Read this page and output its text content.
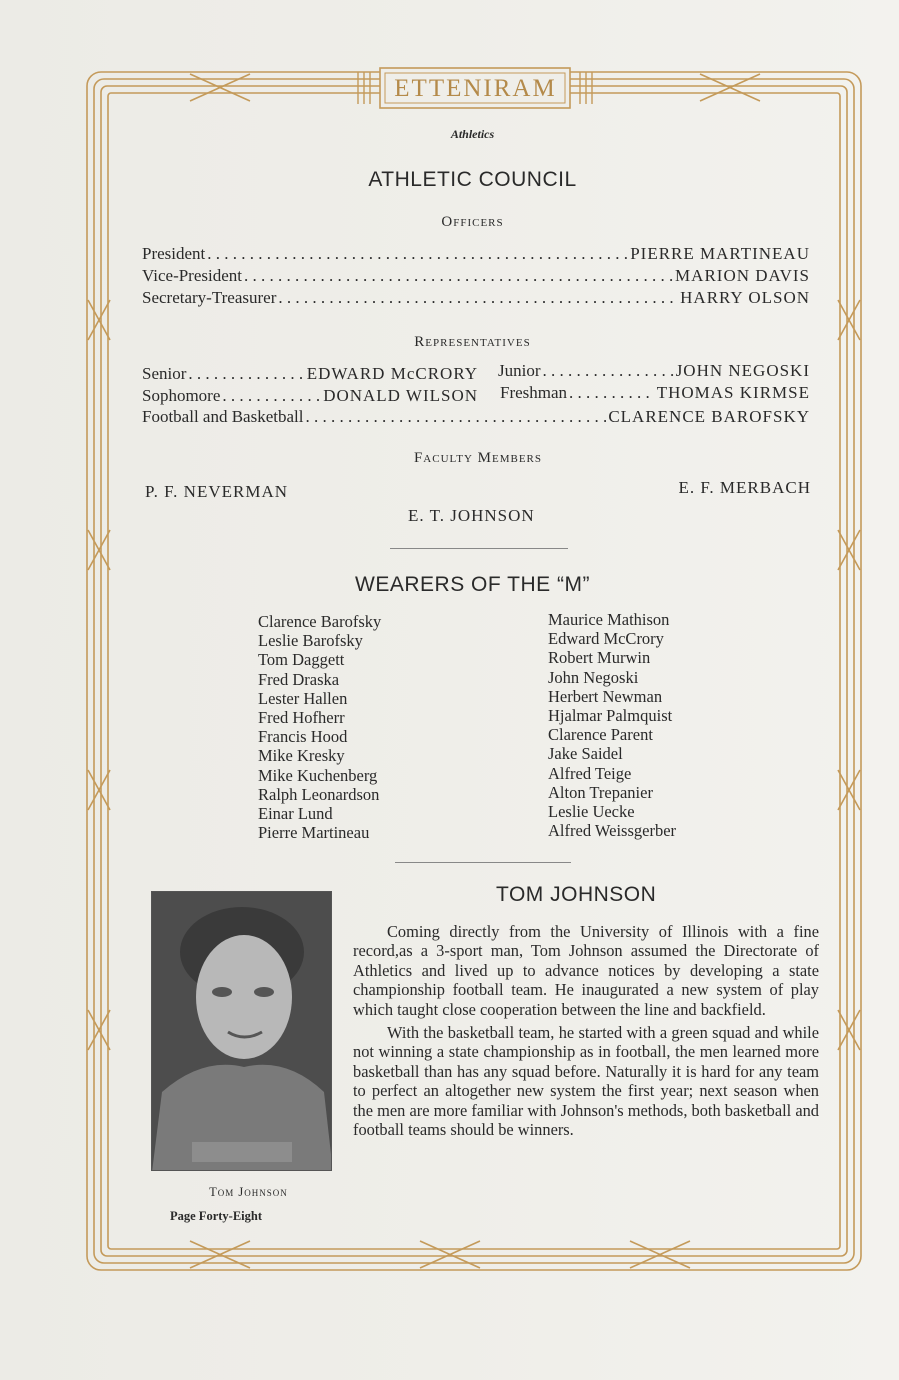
ETTENIRAM
Athletics
ATHLETIC COUNCIL
Officers
President . . .	PIERRE MARTINEAU
Vice-President . . .	MARION DAVIS
Secretary-Treasurer . . .	HARRY OLSON
Representatives
Senior . . .	EDWARD McCRORY Junior . . .	JOHN NEGOSKI
Sophomore . . .	DONALD WILSON Freshman . . .	THOMAS KIRMSE
Football and Basketball . . .	CLARENCE BAROFSKY
Faculty Members
P. F. NEVERMAN	E. F. MERBACH
E. T. JOHNSON
WEARERS OF THE “M”
Clarence Barofsky
Leslie Barofsky
Tom Daggett
Fred Draska
Lester Hallen
Fred Hofherr
Francis Hood
Mike Kresky
Mike Kuchenberg
Ralph Leonardson
Einar Lund
Pierre Martineau
Maurice Mathison
Edward McCrory
Robert Murwin
John Negoski
Herbert Newman
Hjalmar Palmquist
Clarence Parent
Jake Saidel
Alfred Teige
Alton Trepanier
Leslie Uecke
Alfred Weissgerber
Tom Johnson
Page Forty-Eight
TOM JOHNSON

Coming directly from the University of Illinois with a fine record,as a 3-sport man, Tom Johnson assumed the Directorate of Athletics and lived up to advance notices by developing a state championship football team. He inaugurated a new system of play which taught close cooperation between the line and backfield.

With the basketball team, he started with a green squad and while not winning a state championship as in football, the men learned more basketball than has any squad before. Naturally it is hard for any team to perfect an altogether new system the first year; next season when the men are more familiar with Johnson's methods, both basketball and football teams should be winners.
